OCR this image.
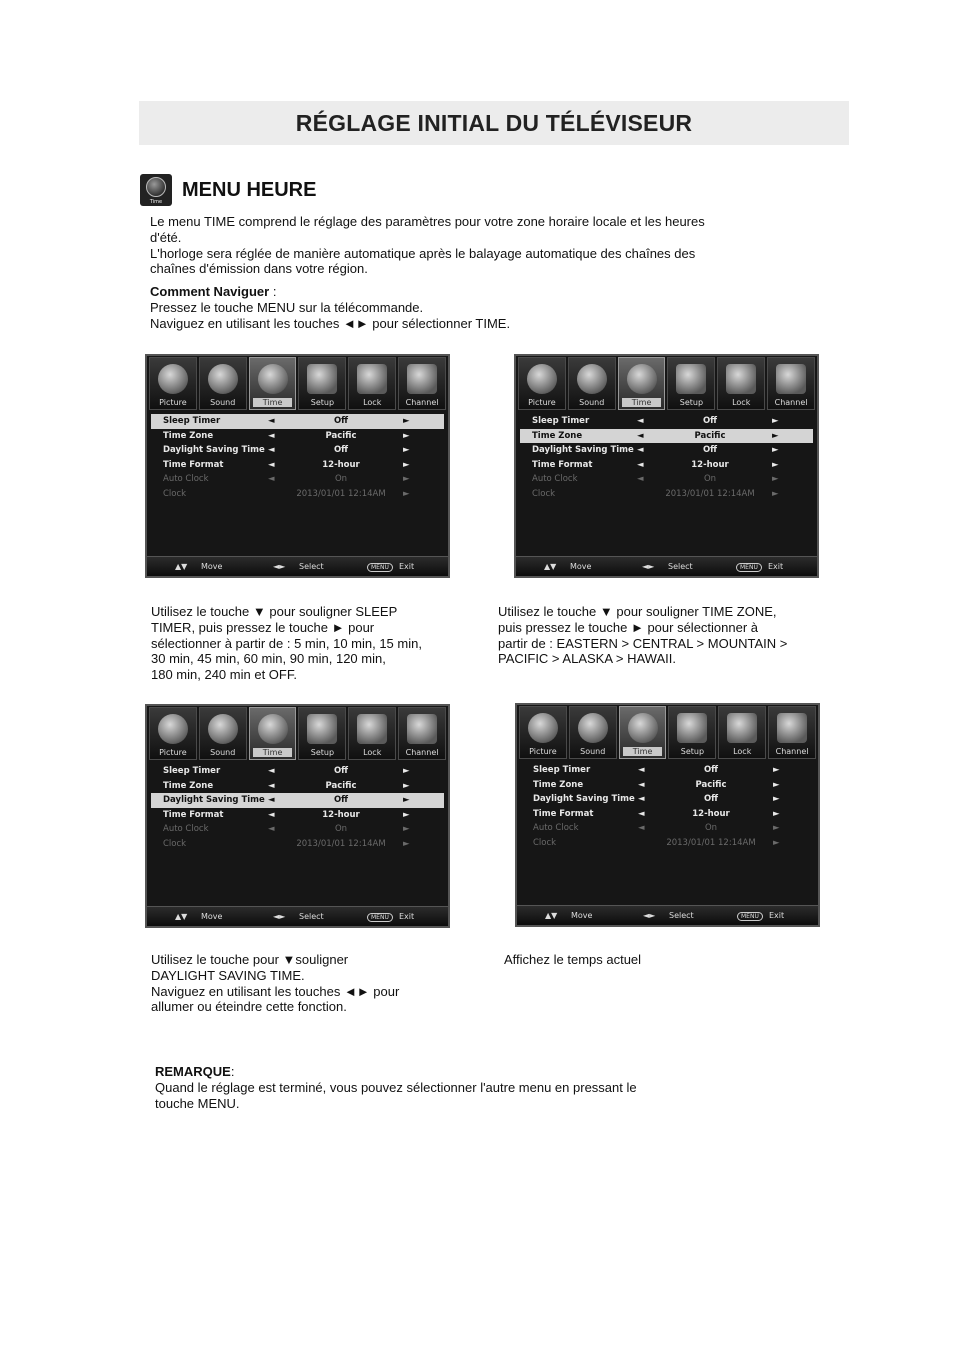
RÉGLAGE INITIAL DU TÉLÉVISEUR
Time
MENU HEURE

Le menu TIME comprend le réglage des paramètres pour votre zone horaire locale et les heures

d'été.

L'horloge sera réglée de manière automatique après le balayage automatique des chaînes des

chaînes d'émission dans votre région.

Comment Naviguer :

Pressez le touche MENU sur la télécommande.

Naviguez en utilisant les touches ◄► pour sélectionner TIME.

Picture	Sound	Time	Setup	Lock	Channel
Sleep Timer	◄	Off	►
Time Zone	◄	Pacific	►
Daylight Saving Time ◄	Off	►
Time Format	◄	12-hour	►
Auto Clock	◄	On	►
Clock	2013/01/01 12:14AM	►
▲▼ Move	◄► Select	MENU	Exit
Picture	Sound	Time	Setup	Lock	Channel
Sleep Timer	◄	Off	►
Time Zone	◄	Pacific	►
Daylight Saving Time ◄	Off	►
Time Format	◄	12-hour	►
Auto Clock	◄	On	►
Clock	2013/01/01 12:14AM	►
▲▼ Move	◄► Select	MENU	Exit
Picture	Sound	Time	Setup	Lock	Channel
Sleep Timer	◄	Off	►
Time Zone	◄	Pacific	►
Daylight Saving Time ◄	Off	►
Time Format	◄	12-hour	►
Auto Clock	◄	On	►
Clock	2013/01/01 12:14AM	►
▲▼ Move	◄► Select	MENU	Exit
Picture	Sound	Time	Setup	Lock	Channel
Sleep Timer	◄	Off	►
Time Zone	◄	Pacific	►
Daylight Saving Time ◄	Off	►
Time Format	◄	12-hour	►
Auto Clock	◄	On	►
Clock	2013/01/01 12:14AM	►
▲▼ Move	◄► Select	MENU	Exit

Utilisez le touche ▼ pour souligner SLEEP

TIMER, puis pressez le touche ► pour

sélectionner à partir de : 5 min, 10 min, 15 min,

30 min, 45 min, 60 min, 90 min, 120 min,

180 min, 240 min et OFF.

Utilisez le touche ▼ pour souligner TIME ZONE,

puis pressez le touche ► pour sélectionner à

partir de : EASTERN > CENTRAL > MOUNTAIN >

PACIFIC > ALASKA > HAWAII.

Utilisez le touche pour ▼souligner

DAYLIGHT SAVING TIME.

Naviguez en utilisant les touches ◄► pour

allumer ou éteindre cette fonction.

Affichez le temps actuel

REMARQUE:

Quand le réglage est terminé, vous pouvez sélectionner l'autre menu en pressant le

touche MENU.
